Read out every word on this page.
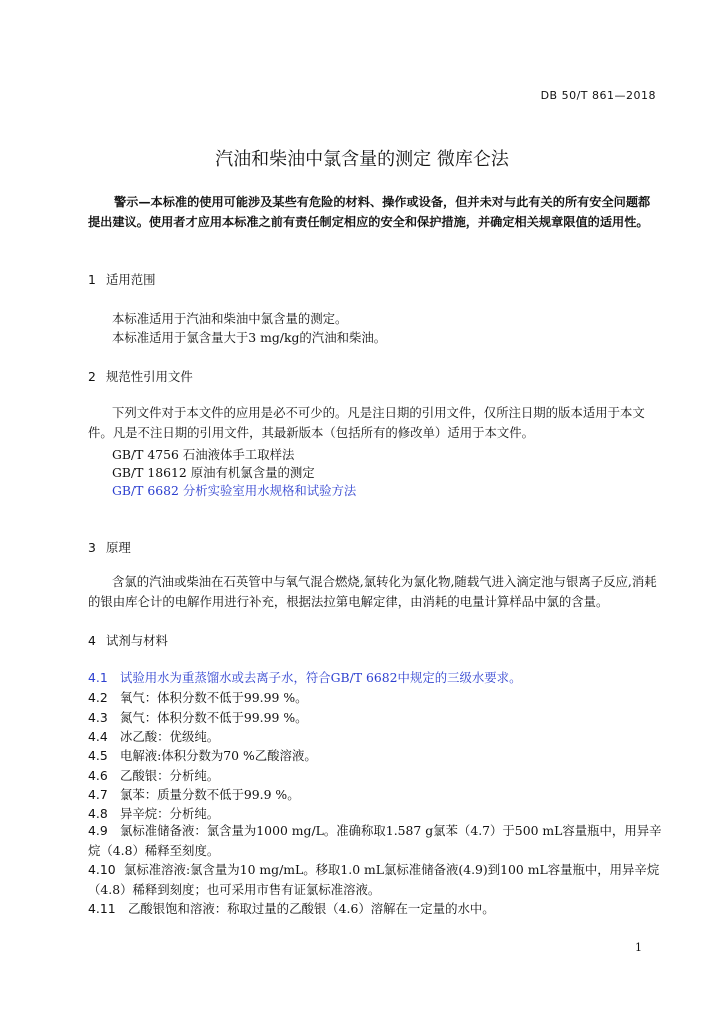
DB 50/T 861—2018
汽油和柴油中氯含量的测定 微库仑法
警示—本标准的使用可能涉及某些有危险的材料、操作或设备，但并未对与此有关的所有安全问题都提出建议。使用者才应用本标准之前有责任制定相应的安全和保护措施，并确定相关规章限值的适用性。
1 适用范围
本标准适用于汽油和柴油中氯含量的测定。
本标准适用于氯含量大于3 mg/kg的汽油和柴油。
2 规范性引用文件
下列文件对于本文件的应用是必不可少的。凡是注日期的引用文件，仅所注日期的版本适用于本文件。凡是不注日期的引用文件，其最新版本（包括所有的修改单）适用于本文件。
GB/T 4756 石油液体手工取样法
GB/T 18612 原油有机氯含量的测定
GB/T 6682 分析实验室用水规格和试验方法
3 原理
含氯的汽油或柴油在石英管中与氧气混合燃烧,氯转化为氯化物,随载气进入滴定池与银离子反应,消耗的银由库仑计的电解作用进行补充，根据法拉第电解定律，由消耗的电量计算样品中氯的含量。
4 试剂与材料
4.1 试验用水为重蒸馏水或去离子水，符合GB/T 6682中规定的三级水要求。
4.2 氧气：体积分数不低于99.99 %。
4.3 氮气：体积分数不低于99.99 %。
4.4 冰乙酸：优级纯。
4.5 电解液:体积分数为70 %乙酸溶液。
4.6 乙酸银：分析纯。
4.7 氯苯：质量分数不低于99.9 %。
4.8 异辛烷：分析纯。
4.9 氯标准储备液：氯含量为1000 mg/L。准确称取1.587 g氯苯（4.7）于500 mL容量瓶中，用异辛烷（4.8）稀释至刻度。
4.10 氯标准溶液:氯含量为10 mg/mL。移取1.0 mL氯标准储备液(4.9)到100 mL容量瓶中，用异辛烷（4.8）稀释到刻度；也可采用市售有证氯标准溶液。
4.11 乙酸银饱和溶液：称取过量的乙酸银（4.6）溶解在一定量的水中。
1
